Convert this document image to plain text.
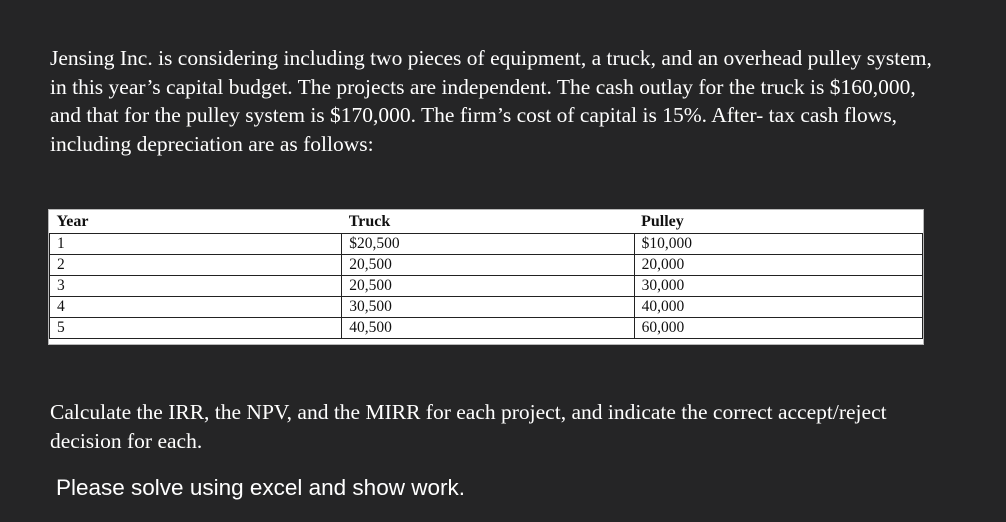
Jensing Inc. is considering including two pieces of equipment, a truck, and an overhead pulley system, in this year’s capital budget. The projects are independent. The cash outlay for the truck is $160,000, and that for the pulley system is $170,000. The firm’s cost of capital is 15%. After- tax cash flows, including depreciation are as follows:

Year	Truck	Pulley
1	$20,500	$10,000
2	20,500	20,000
3	20,500	30,000
4	30,500	40,000
5	40,500	60,000

Calculate the IRR, the NPV, and the MIRR for each project, and indicate the correct accept/reject decision for each.

Please solve using excel and show work.
